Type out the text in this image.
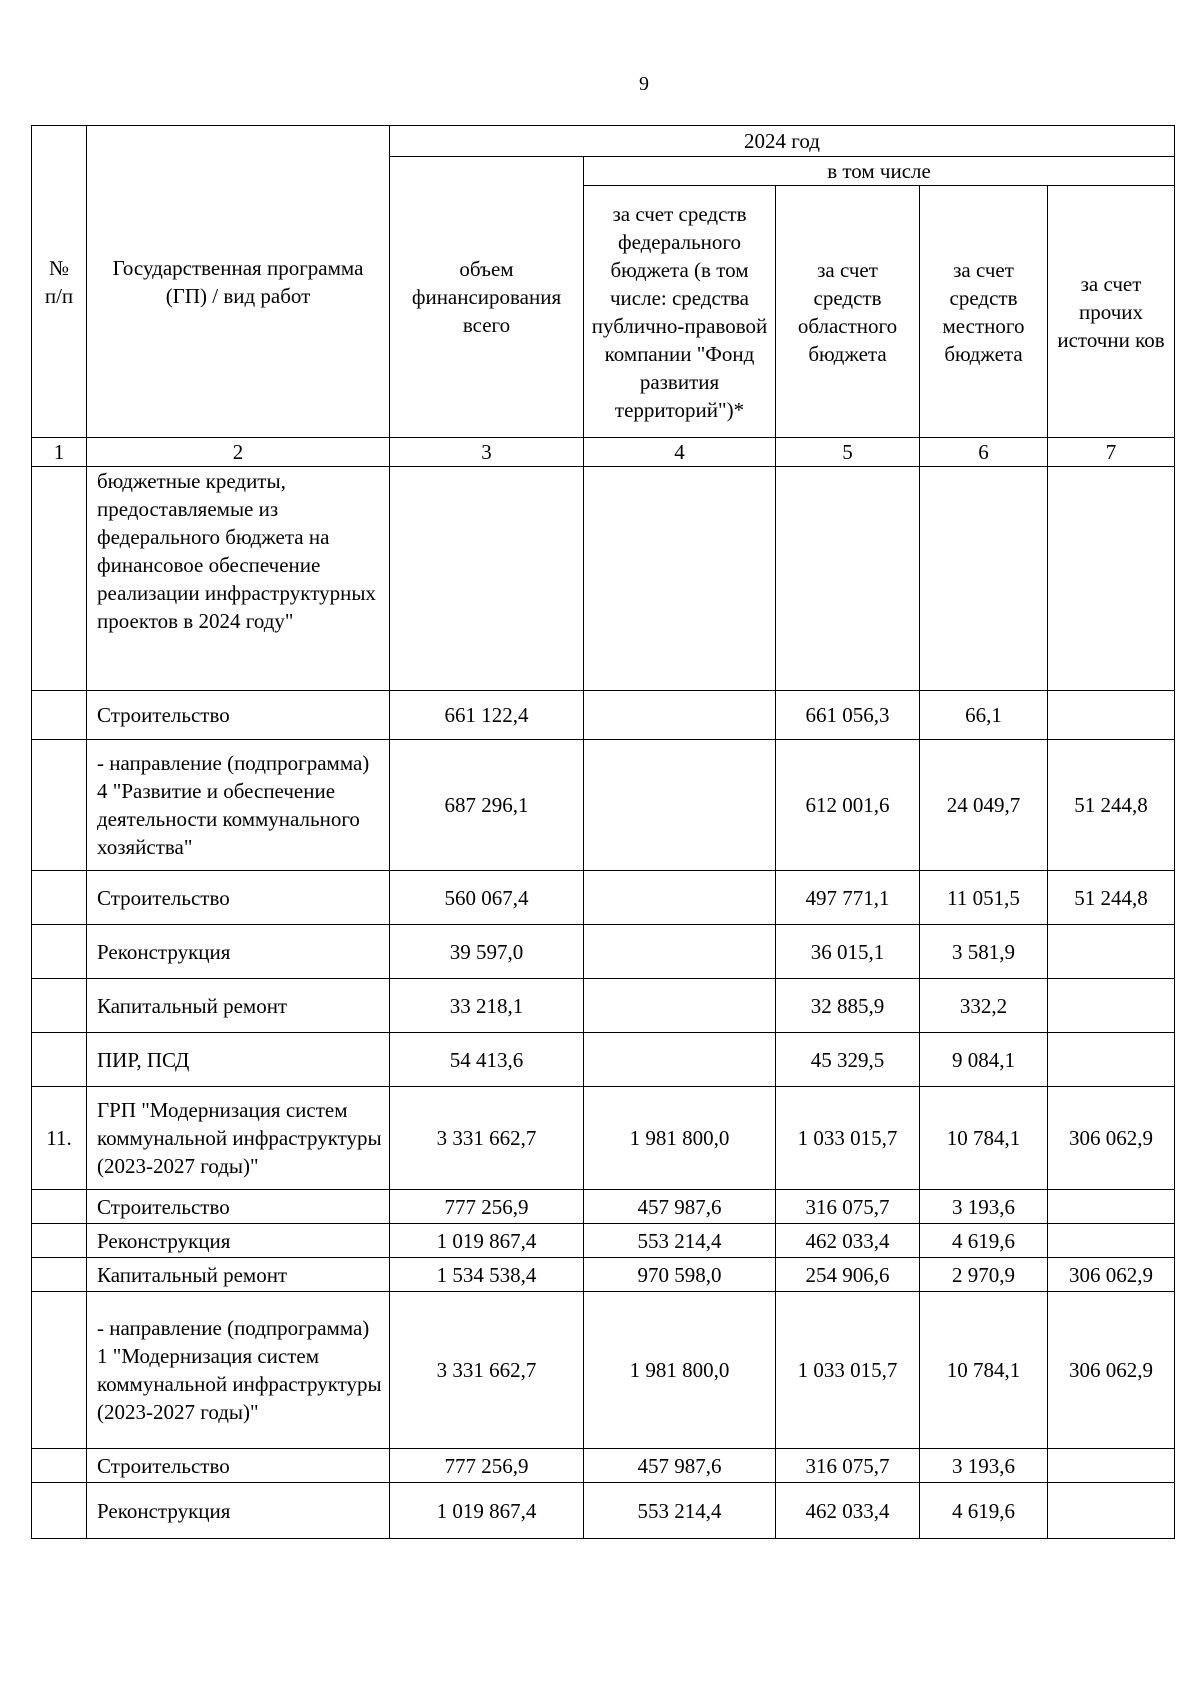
9
№ п/п	Государственная программа (ГП) / вид работ	2024 год				
		объем финансирования всего	в том числе			
			за счет средств федерального бюджета (в том числе: средства публично-правовой компании "Фонд развития территорий")*	за счет средств областного бюджета	за счет средств местного бюджета	за счет прочих источни ков
1	2	3	4	5	6	7
	бюджетные кредиты, предоставляемые из федерального бюджета на финансовое обеспечение реализации инфраструктурных проектов в 2024 году"					
	Строительство	661 122,4		661 056,3	66,1	
	- направление (подпрограмма) 4 "Развитие и обеспечение деятельности коммунального хозяйства"	687 296,1		612 001,6	24 049,7	51 244,8
	Строительство	560 067,4		497 771,1	11 051,5	51 244,8
	Реконструкция	39 597,0		36 015,1	3 581,9	
	Капитальный ремонт	33 218,1		32 885,9	332,2	
	ПИР, ПСД	54 413,6		45 329,5	9 084,1	
11.	ГРП "Модернизация систем коммунальной инфраструктуры (2023-2027 годы)"	3 331 662,7	1 981 800,0	1 033 015,7	10 784,1	306 062,9
	Строительство	777 256,9	457 987,6	316 075,7	3 193,6	
	Реконструкция	1 019 867,4	553 214,4	462 033,4	4 619,6	
	Капитальный ремонт	1 534 538,4	970 598,0	254 906,6	2 970,9	306 062,9
	- направление (подпрограмма) 1 "Модернизация систем коммунальной инфраструктуры (2023-2027 годы)"	3 331 662,7	1 981 800,0	1 033 015,7	10 784,1	306 062,9
	Строительство	777 256,9	457 987,6	316 075,7	3 193,6	
	Реконструкция	1 019 867,4	553 214,4	462 033,4	4 619,6	
